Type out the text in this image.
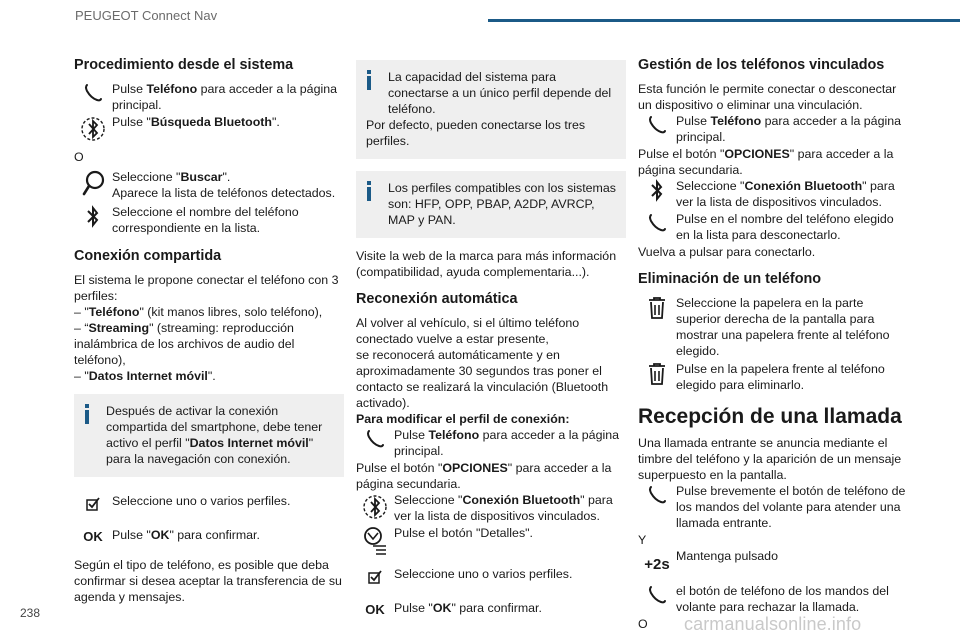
PEUGEOT Connect Nav
Procedimiento desde el sistema
Pulse Teléfono para acceder a la página principal.
Pulse "Búsqueda Bluetooth".

O

Seleccione "Buscar".
Aparece la lista de teléfonos detectados.
Seleccione el nombre del teléfono correspondiente en la lista.
Conexión compartida

El sistema le propone conectar el teléfono con 3 perfiles:

– "Teléfono" (kit manos libres, solo teléfono),

– “Streaming" (streaming: reproducción inalámbrica de los archivos de audio del teléfono),

– "Datos Internet móvil".

Después de activar la conexión compartida del smartphone, debe tener activo el perfil "Datos Internet móvil" para la navegación con conexión.

Seleccione uno o varios perfiles.
OK Pulse "OK" para confirmar.

Según el tipo de teléfono, es posible que deba confirmar si desea aceptar la transferencia de su agenda y mensajes.

La capacidad del sistema para conectarse a un único perfil depende del teléfono.

Por defecto, pueden conectarse los tres perfiles.

Los perfiles compatibles con los sistemas son: HFP, OPP, PBAP, A2DP, AVRCP, MAP y PAN.

Visite la web de la marca para más información (compatibilidad, ayuda complementaria...).

Reconexión automática

Al volver al vehículo, si el último teléfono conectado vuelve a estar presente,

se reconocerá automáticamente y en aproximadamente 30 segundos tras poner el contacto se realizará la vinculación (Bluetooth activado).

Para modificar el perfil de conexión:

Pulse Teléfono para acceder a la página principal.

Pulse el botón "OPCIONES" para acceder a la página secundaria.

Seleccione "Conexión Bluetooth" para ver la lista de dispositivos vinculados.
Pulse el botón "Detalles".
Seleccione uno o varios perfiles.
OK Pulse "OK" para confirmar.
Gestión de los teléfonos vinculados

Esta función le permite conectar o desconectar un dispositivo o eliminar una vinculación.

Pulse Teléfono para acceder a la página principal.

Pulse el botón "OPCIONES" para acceder a la página secundaria.

Seleccione "Conexión Bluetooth" para ver la lista de dispositivos vinculados.
Pulse en el nombre del teléfono elegido en la lista para desconectarlo.

Vuelva a pulsar para conectarlo.

Eliminación de un teléfono
Seleccione la papelera en la parte superior derecha de la pantalla para mostrar una papelera frente al teléfono elegido.
Pulse en la papelera frente al teléfono elegido para eliminarlo.
Recepción de una llamada

Una llamada entrante se anuncia mediante el timbre del teléfono y la aparición de un mensaje superpuesto en la pantalla.

Pulse brevemente el botón de teléfono de los mandos del volante para atender una llamada entrante.

Y

+2s Mantenga pulsado
el botón de teléfono de los mandos del volante para rechazar la llamada.

O

238
carmanualsonline.info
